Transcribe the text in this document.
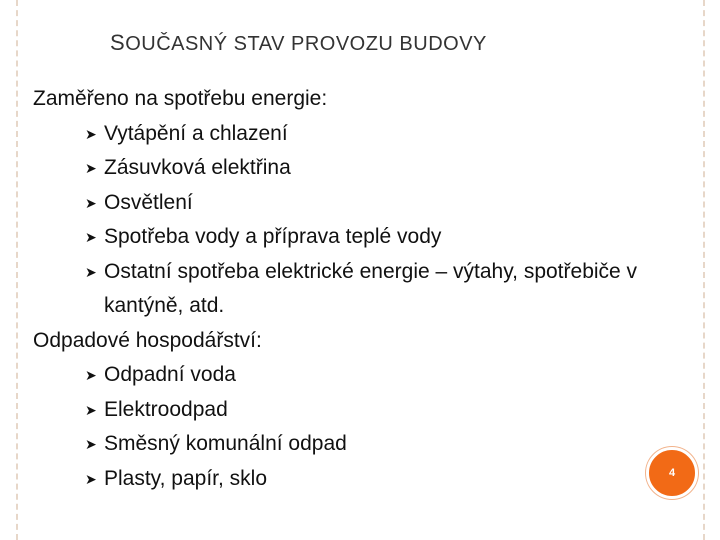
SOUČASNÝ STAV PROVOZU BUDOVY

Zaměřeno na spotřebu energie:

➤ Vytápění a chlazení

➤ Zásuvková elektřina

➤ Osvětlení

➤ Spotřeba vody a příprava teplé vody

➤ Ostatní spotřeba elektrické energie – výtahy, spotřebiče v kantýně, atd.

Odpadové hospodářství:

➤ Odpadní voda

➤ Elektroodpad

➤ Směsný komunální odpad

➤ Plasty, papír, sklo	4
